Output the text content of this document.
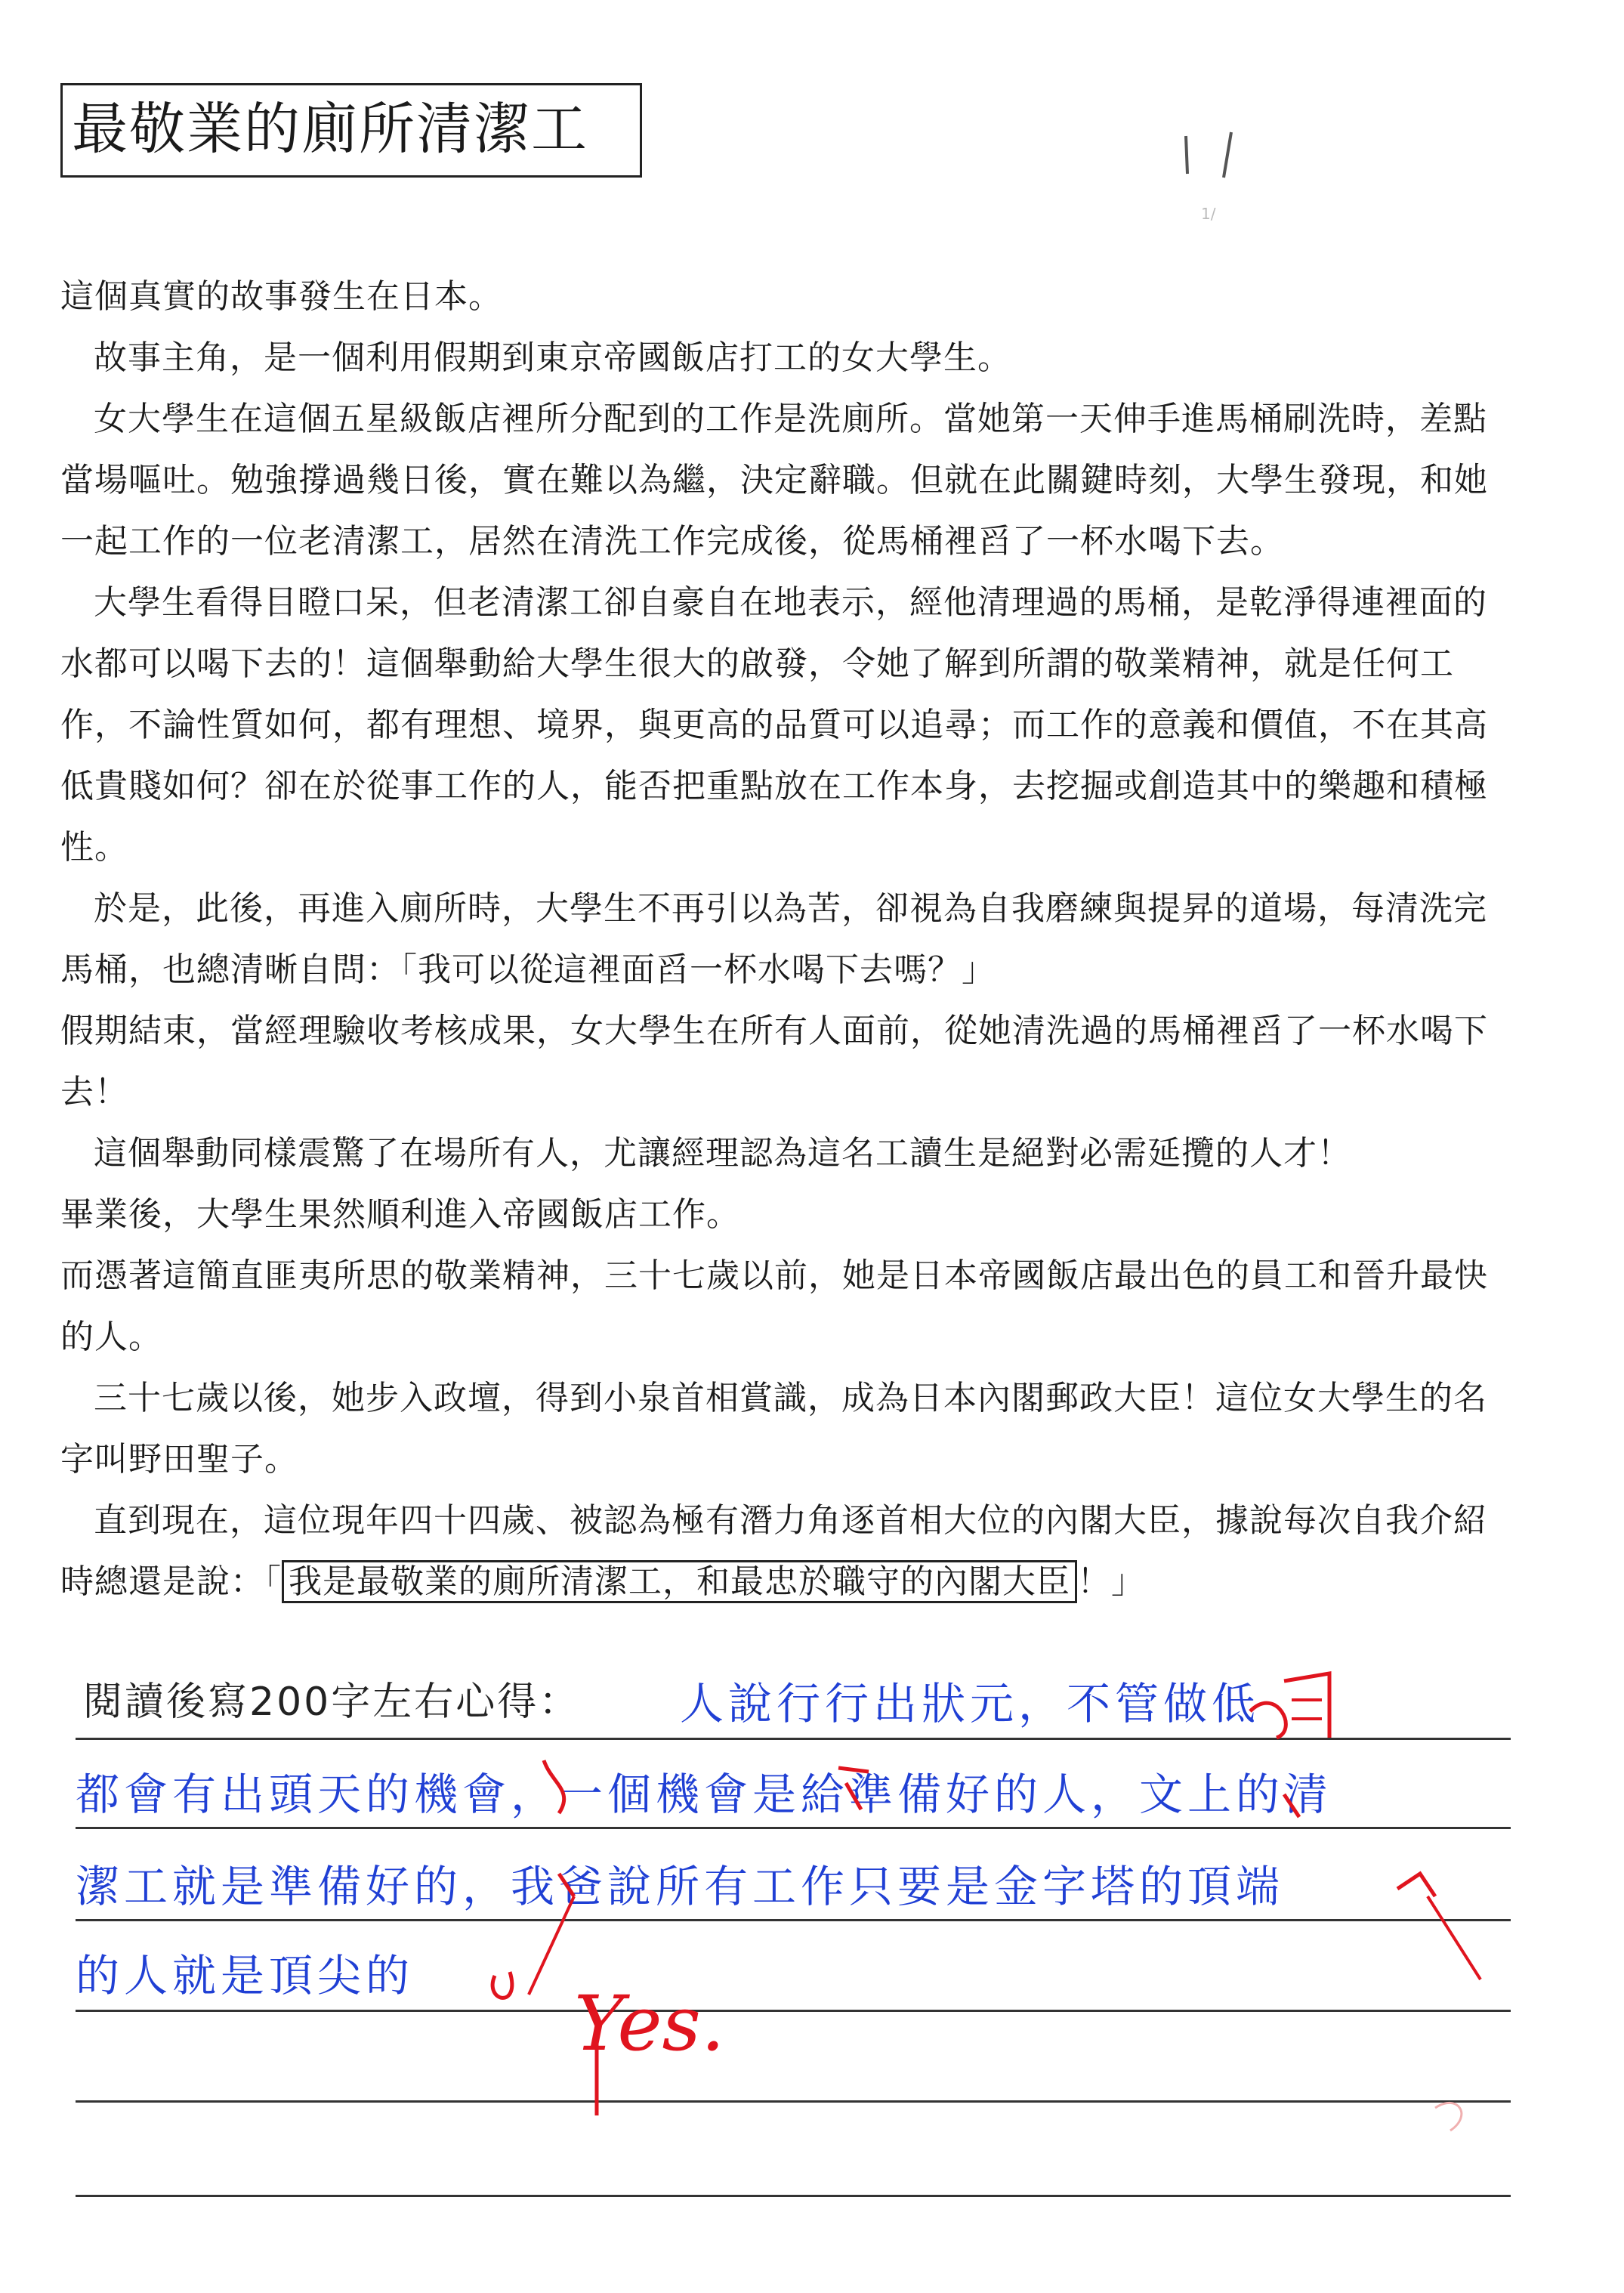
最敬業的廁所清潔工
1/

這個真實的故事發生在日本。

故事主角，是一個利用假期到東京帝國飯店打工的女大學生。

女大學生在這個五星級飯店裡所分配到的工作是洗廁所。當她第一天伸手進馬桶刷洗時，差點當場嘔吐。勉強撐過幾日後，實在難以為繼，決定辭職。但就在此關鍵時刻，大學生發現，和她一起工作的一位老清潔工，居然在清洗工作完成後，從馬桶裡舀了一杯水喝下去。

大學生看得目瞪口呆，但老清潔工卻自豪自在地表示，經他清理過的馬桶，是乾淨得連裡面的水都可以喝下去的！這個舉動給大學生很大的啟發，令她了解到所謂的敬業精神，就是任何工作，不論性質如何，都有理想、境界，與更高的品質可以追尋；而工作的意義和價值，不在其高低貴賤如何？卻在於從事工作的人，能否把重點放在工作本身，去挖掘或創造其中的樂趣和積極性。

於是，此後，再進入廁所時，大學生不再引以為苦，卻視為自我磨練與提昇的道場，每清洗完馬桶，也總清晰自問：「我可以從這裡面舀一杯水喝下去嗎？」

假期結束，當經理驗收考核成果，女大學生在所有人面前，從她清洗過的馬桶裡舀了一杯水喝下去！

這個舉動同樣震驚了在場所有人，尤讓經理認為這名工讀生是絕對必需延攬的人才！

畢業後，大學生果然順利進入帝國飯店工作。

而憑著這簡直匪夷所思的敬業精神，三十七歲以前，她是日本帝國飯店最出色的員工和晉升最快的人。

三十七歲以後，她步入政壇，得到小泉首相賞識，成為日本內閣郵政大臣！這位女大學生的名字叫野田聖子。

直到現在，這位現年四十四歲、被認為極有潛力角逐首相大位的內閣大臣，據說每次自我介紹時總還是說：「 我是最敬業的廁所清潔工，和最忠於職守的內閣大臣 ！」

閱讀後寫200字左右心得： 人說行行出狀元，不管做低
都會有出頭天的機會，一個機會是給準備好的人，文上的清
潔工就是準備好的，我爸說所有工作只要是金字塔的頂端
的人就是頂尖的
Yes.
